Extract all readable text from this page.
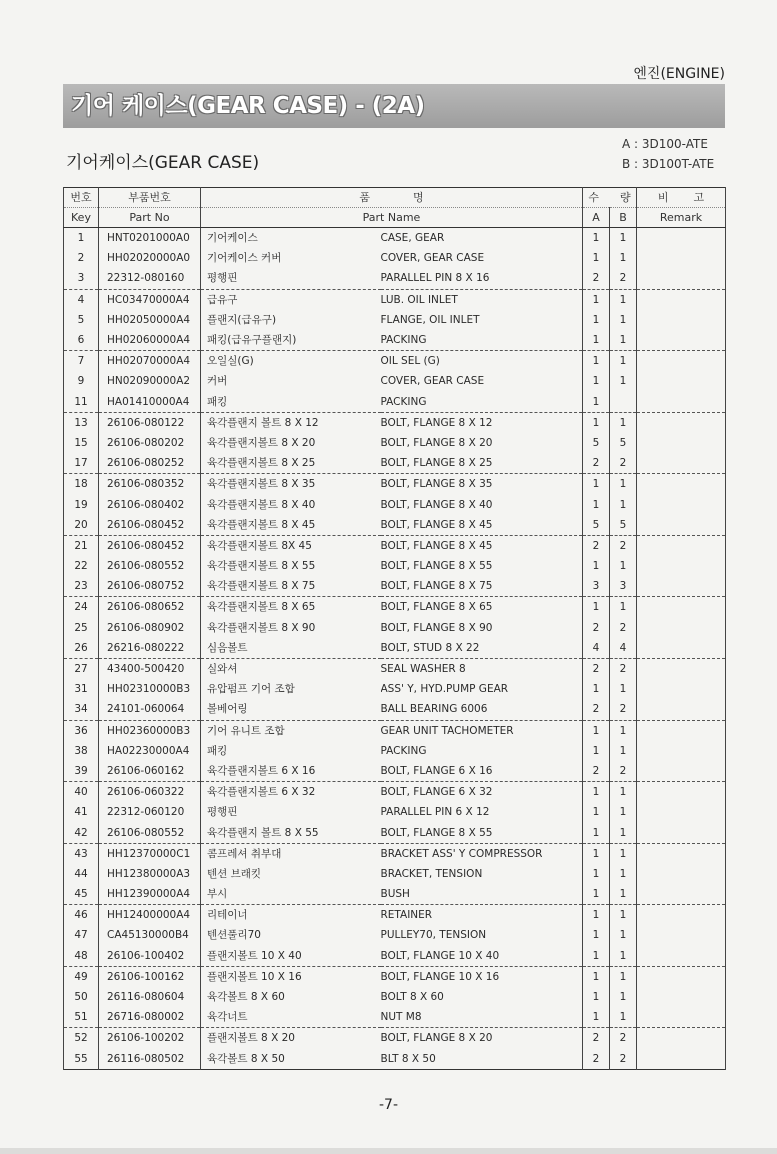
엔진(ENGINE)
기어 케이스(GEAR CASE) - (2A)
기어케이스(GEAR CASE)
A : 3D100-ATE
B : 3D100T-ATE
번호	부품번호	품 명		수 량		비 고
Key	Part No	Part Name		A	B	Remark
1	HNT0201000A0	기어케이스	CASE, GEAR	1	1	
2	HH02020000A0	기어케이스 커버	COVER, GEAR CASE	1	1	
3	22312-080160	평행핀	PARALLEL PIN 8 X 16	2	2	
4	HC03470000A4	급유구	LUB. OIL INLET	1	1	
5	HH02050000A4	플랜지(급유구)	FLANGE, OIL INLET	1	1	
6	HH02060000A4	패킹(급유구플랜지)	PACKING	1	1	
7	HH02070000A4	오일실(G)	OIL SEL (G)	1	1	
9	HN02090000A2	커버	COVER, GEAR CASE	1	1	
11	HA01410000A4	패킹	PACKING	1		
13	26106-080122	육각플랜지 볼트 8 X 12	BOLT, FLANGE 8 X 12	1	1	
15	26106-080202	육각플랜지볼트 8 X 20	BOLT, FLANGE 8 X 20	5	5	
17	26106-080252	육각플랜지볼트 8 X 25	BOLT, FLANGE 8 X 25	2	2	
18	26106-080352	육각플랜지볼트 8 X 35	BOLT, FLANGE 8 X 35	1	1	
19	26106-080402	육각플랜지볼트 8 X 40	BOLT, FLANGE 8 X 40	1	1	
20	26106-080452	육각플랜지볼트 8 X 45	BOLT, FLANGE 8 X 45	5	5	
21	26106-080452	육각플랜지볼트 8X 45	BOLT, FLANGE 8 X 45	2	2	
22	26106-080552	육각플랜지볼트 8 X 55	BOLT, FLANGE 8 X 55	1	1	
23	26106-080752	육각플랜지볼트 8 X 75	BOLT, FLANGE 8 X 75	3	3	
24	26106-080652	육각플랜지볼트 8 X 65	BOLT, FLANGE 8 X 65	1	1	
25	26106-080902	육각플랜지볼트 8 X 90	BOLT, FLANGE 8 X 90	2	2	
26	26216-080222	심음볼트	BOLT, STUD 8 X 22	4	4	
27	43400-500420	실와셔	SEAL WASHER 8	2	2	
31	HH02310000B3	유압펌프 기어 조합	ASS' Y, HYD.PUMP GEAR	1	1	
34	24101-060064	볼베어링	BALL BEARING 6006	2	2	
36	HH02360000B3	기어 유니트 조합	GEAR UNIT TACHOMETER	1	1	
38	HA02230000A4	패킹	PACKING	1	1	
39	26106-060162	육각플랜지볼트 6 X 16	BOLT, FLANGE 6 X 16	2	2	
40	26106-060322	육각플랜지볼트 6 X 32	BOLT, FLANGE 6 X 32	1	1	
41	22312-060120	평행핀	PARALLEL PIN 6 X 12	1	1	
42	26106-080552	육각플랜지 볼트 8 X 55	BOLT, FLANGE 8 X 55	1	1	
43	HH12370000C1	콤프레셔 취부대	BRACKET ASS' Y COMPRESSOR	1	1	
44	HH12380000A3	텐션 브래킷	BRACKET, TENSION	1	1	
45	HH12390000A4	부시	BUSH	1	1	
46	HH12400000A4	리테이너	RETAINER	1	1	
47	CA45130000B4	텐션풀리70	PULLEY70, TENSION	1	1	
48	26106-100402	플랜지볼트 10 X 40	BOLT, FLANGE 10 X 40	1	1	
49	26106-100162	플랜지볼트 10 X 16	BOLT, FLANGE 10 X 16	1	1	
50	26116-080604	육각볼트 8 X 60	BOLT 8 X 60	1	1	
51	26716-080002	육각너트	NUT M8	1	1	
52	26106-100202	플랜지볼트 8 X 20	BOLT, FLANGE 8 X 20	2	2	
55	26116-080502	육각볼트 8 X 50	BLT 8 X 50	2	2	
-7-
